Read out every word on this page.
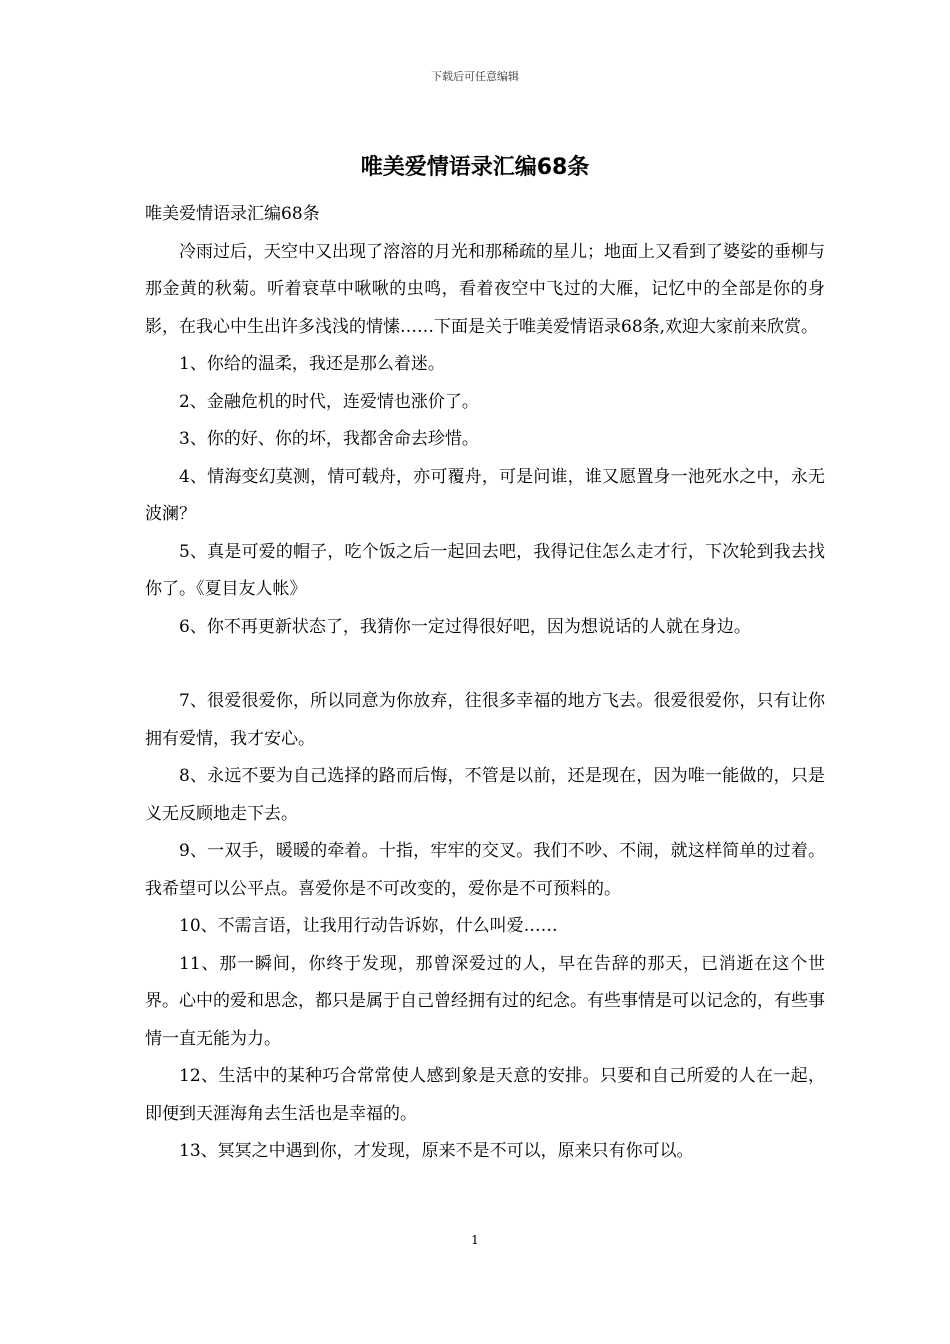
下载后可任意编辑
唯美爱情语录汇编68条

唯美爱情语录汇编68条

冷雨过后，天空中又出现了溶溶的月光和那稀疏的星儿；地面上又看到了婆娑的垂柳与那金黄的秋菊。听着衰草中啾啾的虫鸣，看着夜空中飞过的大雁，记忆中的全部是你的身影，在我心中生出许多浅浅的情愫……下面是关于唯美爱情语录68条,欢迎大家前来欣赏。

1、你给的温柔，我还是那么着迷。

2、金融危机的时代，连爱情也涨价了。

3、你的好、你的坏，我都舍命去珍惜。

4、情海变幻莫测，情可载舟，亦可覆舟，可是问谁，谁又愿置身一池死水之中，永无波澜？

5、真是可爱的帽子，吃个饭之后一起回去吧，我得记住怎么走才行，下次轮到我去找你了。《夏目友人帐》

6、你不再更新状态了，我猜你一定过得很好吧，因为想说话的人就在身边。

7、很爱很爱你，所以同意为你放弃，往很多幸福的地方飞去。很爱很爱你，只有让你拥有爱情，我才安心。

8、永远不要为自己选择的路而后悔，不管是以前，还是现在，因为唯一能做的，只是义无反顾地走下去。

9、一双手，暖暖的牵着。十指，牢牢的交叉。我们不吵、不闹，就这样简单的过着。我希望可以公平点。喜爱你是不可改变的，爱你是不可预料的。

10、不需言语，让我用行动告诉妳，什么叫爱……

11、那一瞬间，你终于发现，那曾深爱过的人，早在告辞的那天，已消逝在这个世界。心中的爱和思念，都只是属于自己曾经拥有过的纪念。有些事情是可以记念的，有些事情一直无能为力。

12、生活中的某种巧合常常使人感到象是天意的安排。只要和自己所爱的人在一起，即便到天涯海角去生活也是幸福的。

13、冥冥之中遇到你，才发现，原来不是不可以，原来只有你可以。

1
